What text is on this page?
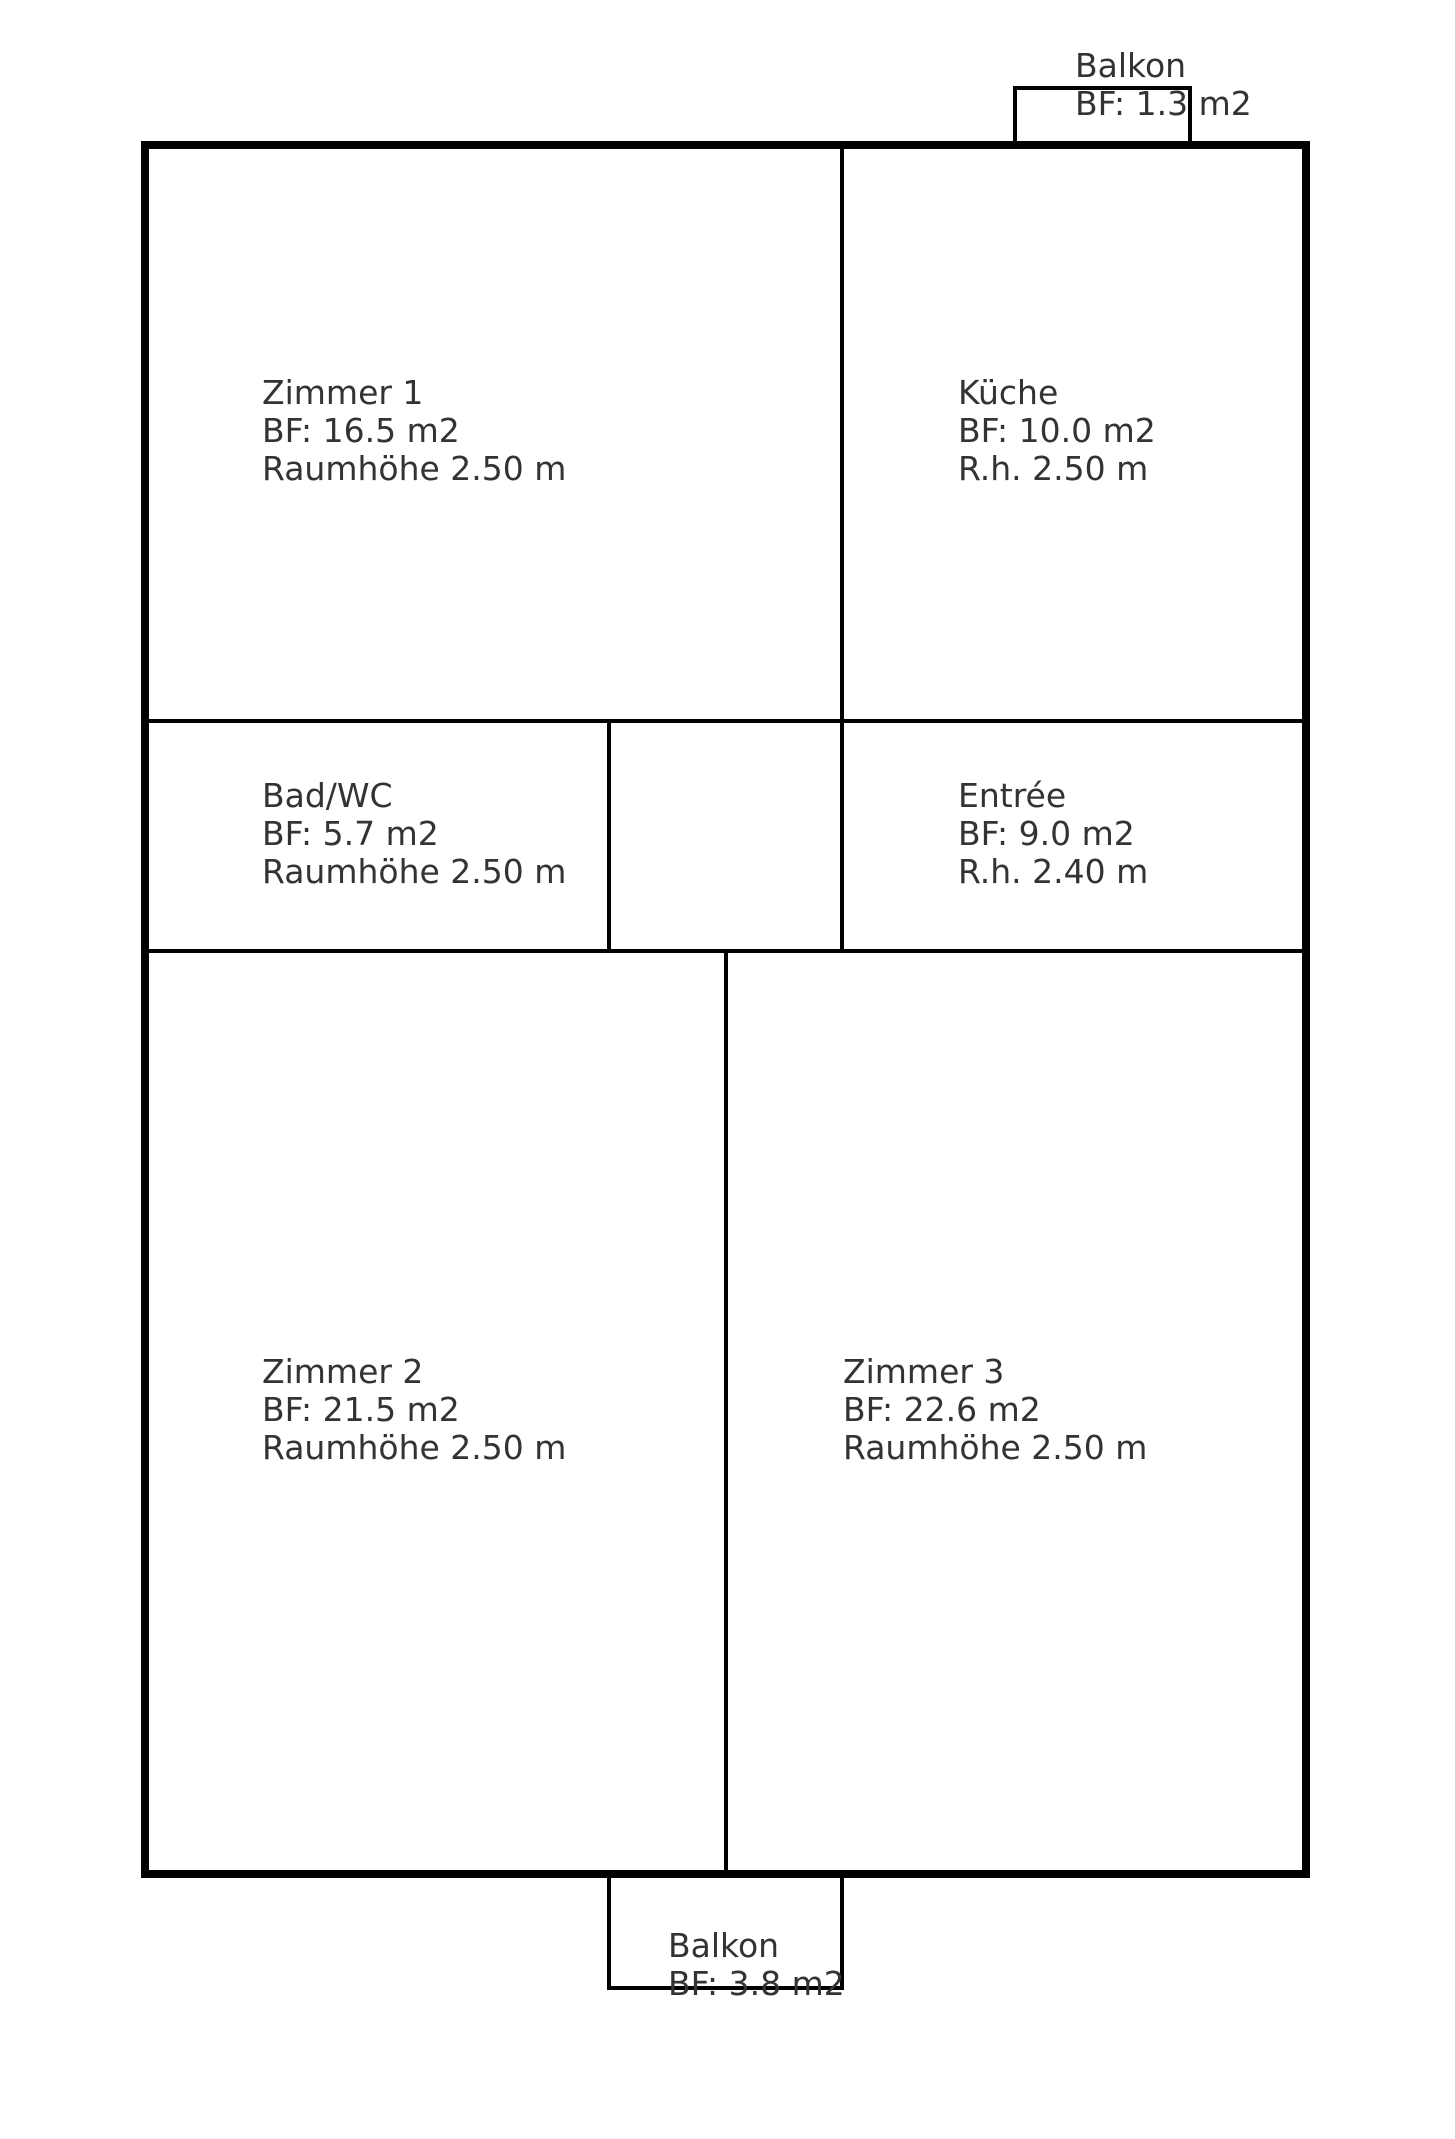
Zimmer 1
BF: 16.5 m2
Raumhöhe 2.50 m
Küche
BF: 10.0 m2
R.h. 2.50 m
Bad/WC
BF: 5.7 m2
Raumhöhe 2.50 m
Entrée
BF: 9.0 m2
R.h. 2.40 m
Zimmer 2
BF: 21.5 m2
Raumhöhe 2.50 m
Zimmer 3
BF: 22.6 m2
Raumhöhe 2.50 m
Balkon
BF: 1.3 m2
Balkon
BF: 3.8 m2
